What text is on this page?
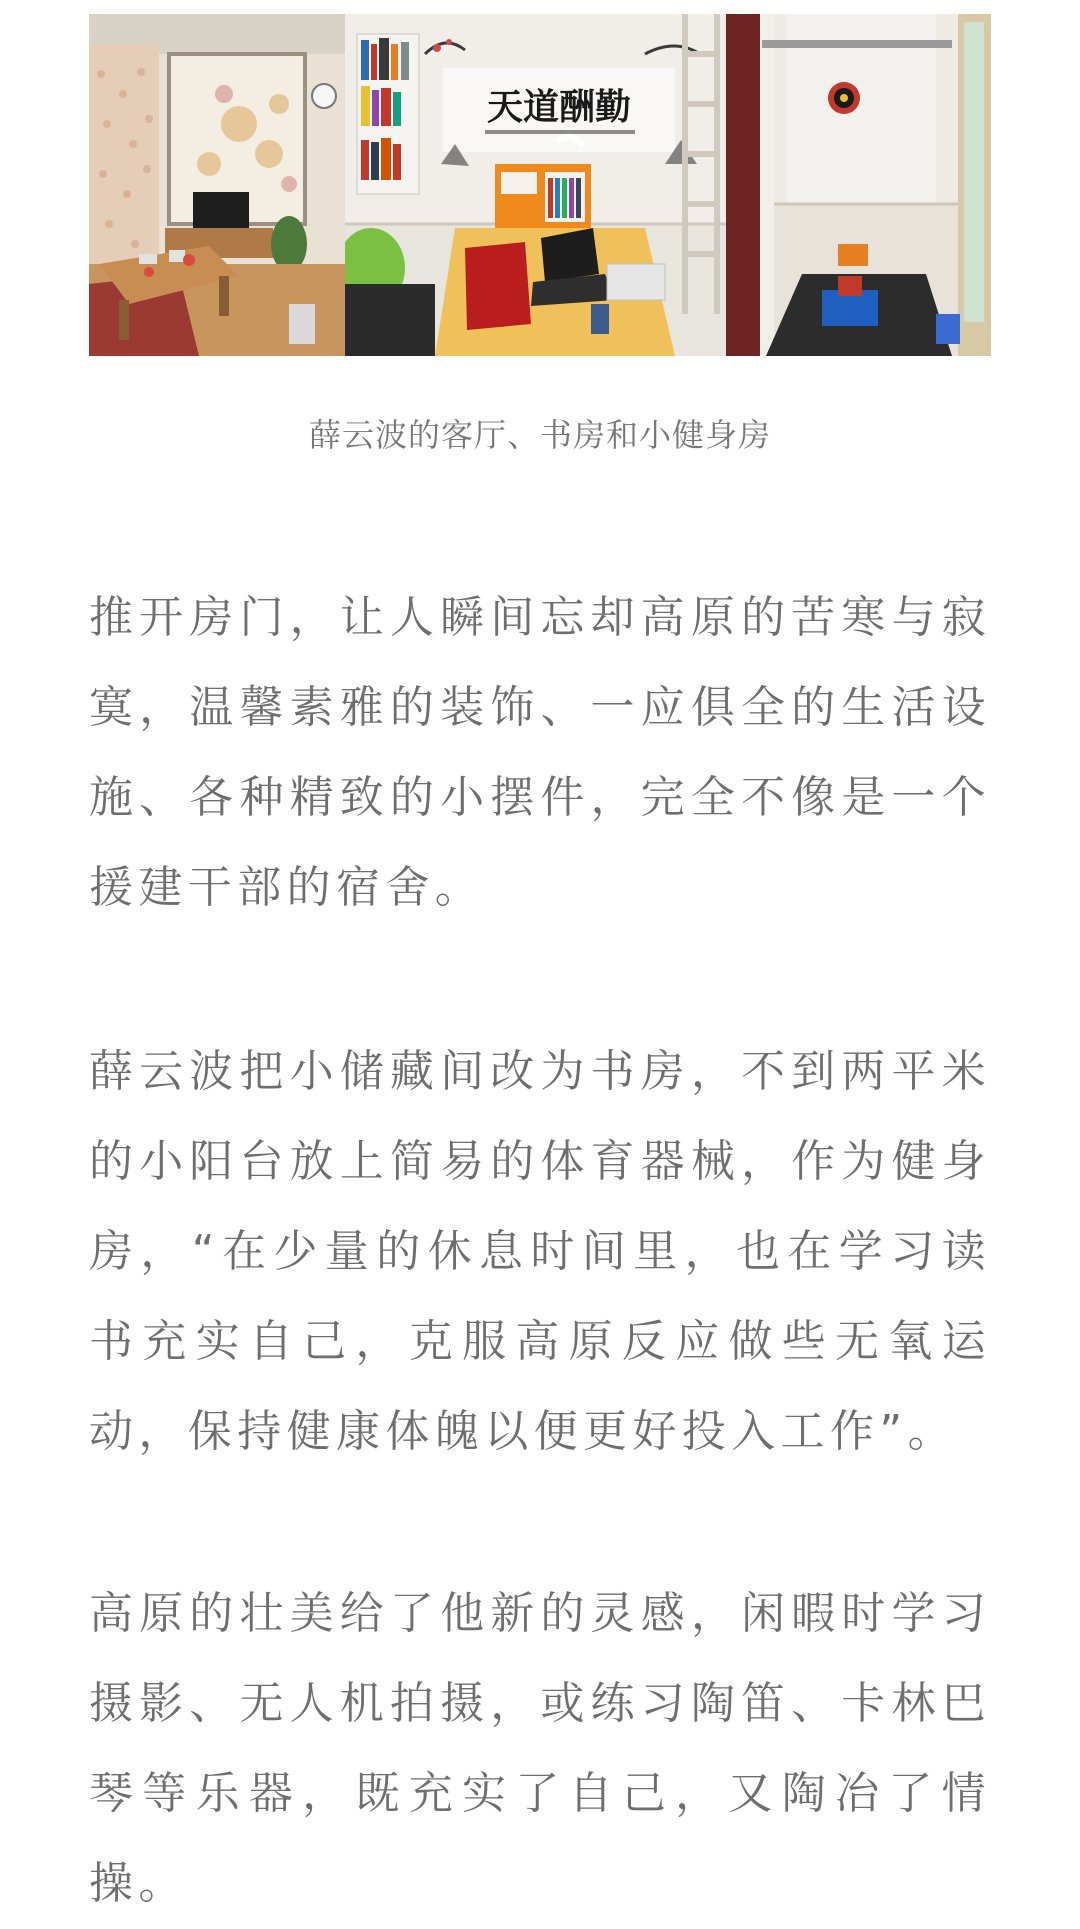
天道酬勤
薛云波的客厅、书房和小健身房

推开房门，让人瞬间忘却高原的苦寒与寂寞，温馨素雅的装饰、一应俱全的生活设施、各种精致的小摆件，完全不像是一个援建干部的宿舍。

薛云波把小储藏间改为书房，不到两平米的小阳台放上简易的体育器械，作为健身房，“在少量的休息时间里，也在学习读书充实自己，克服高原反应做些无氧运动，保持健康体魄以便更好投入工作”。

高原的壮美给了他新的灵感，闲暇时学习摄影、无人机拍摄，或练习陶笛、卡林巴琴等乐器，既充实了自己，又陶冶了情操。
